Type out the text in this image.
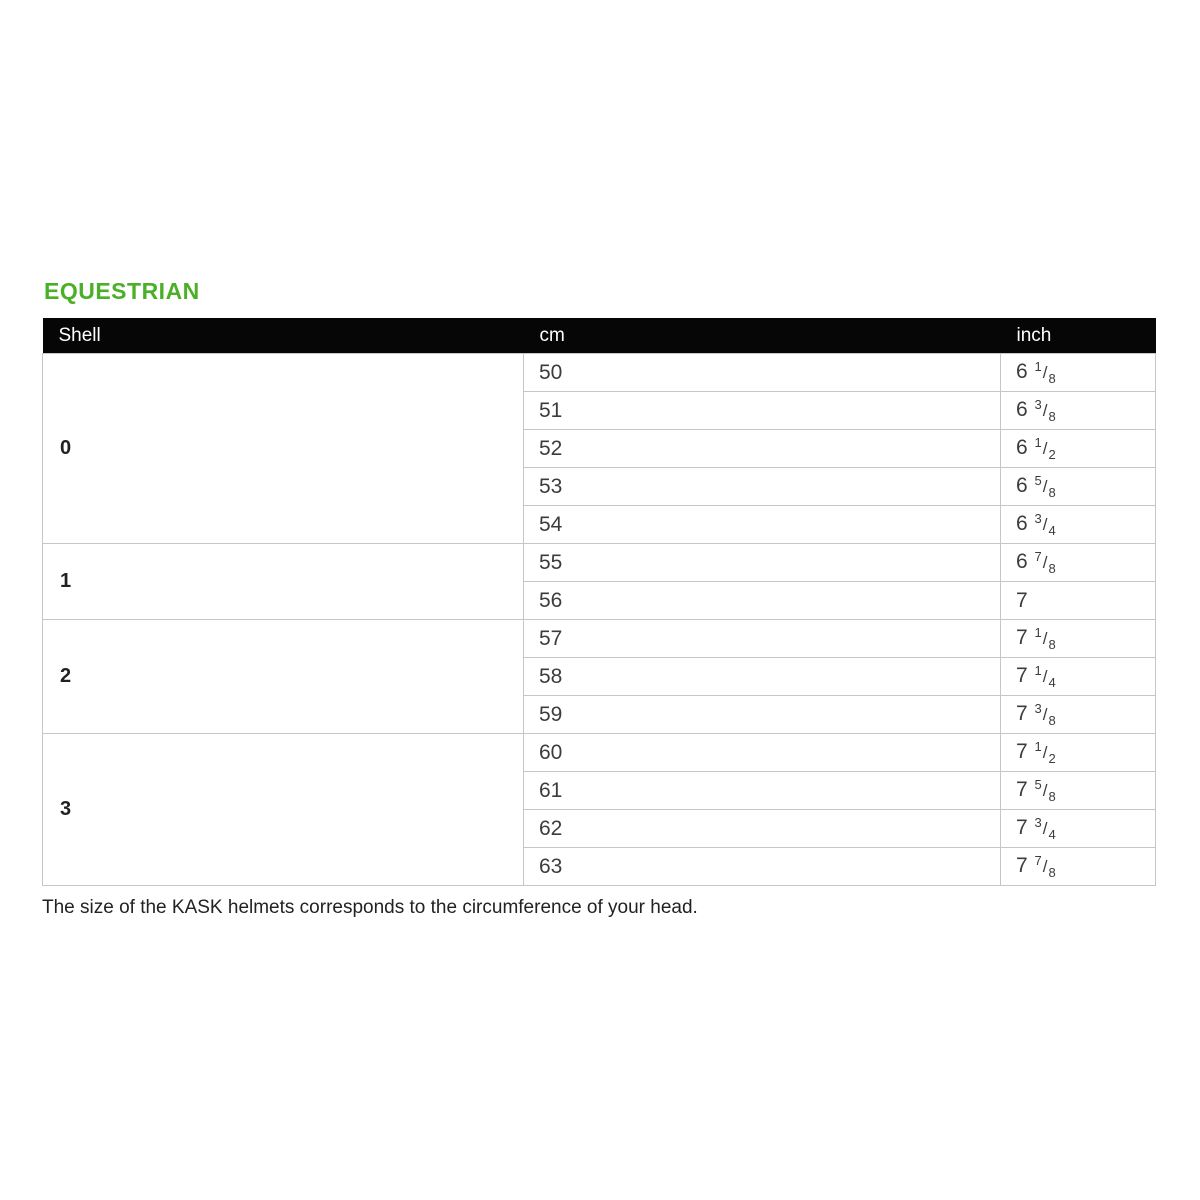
EQUESTRIAN
Shell	cm	inch
0	50	6 $^1/_8$
	51	6 $^3/_8$
	52	6 $^1/_2$
	53	6 $^5/_8$
	54	6 $^3/_4$
1	55	6 $^7/_8$
	56	7
2	57	7 $^1/_8$
	58	7 $^1/_4$
	59	7 $^3/_8$
3	60	7 $^1/_2$
	61	7 $^5/_8$
	62	7 $^3/_4$
	63	7 $^7/_8$

The size of the KASK helmets corresponds to the circumference of your head.
